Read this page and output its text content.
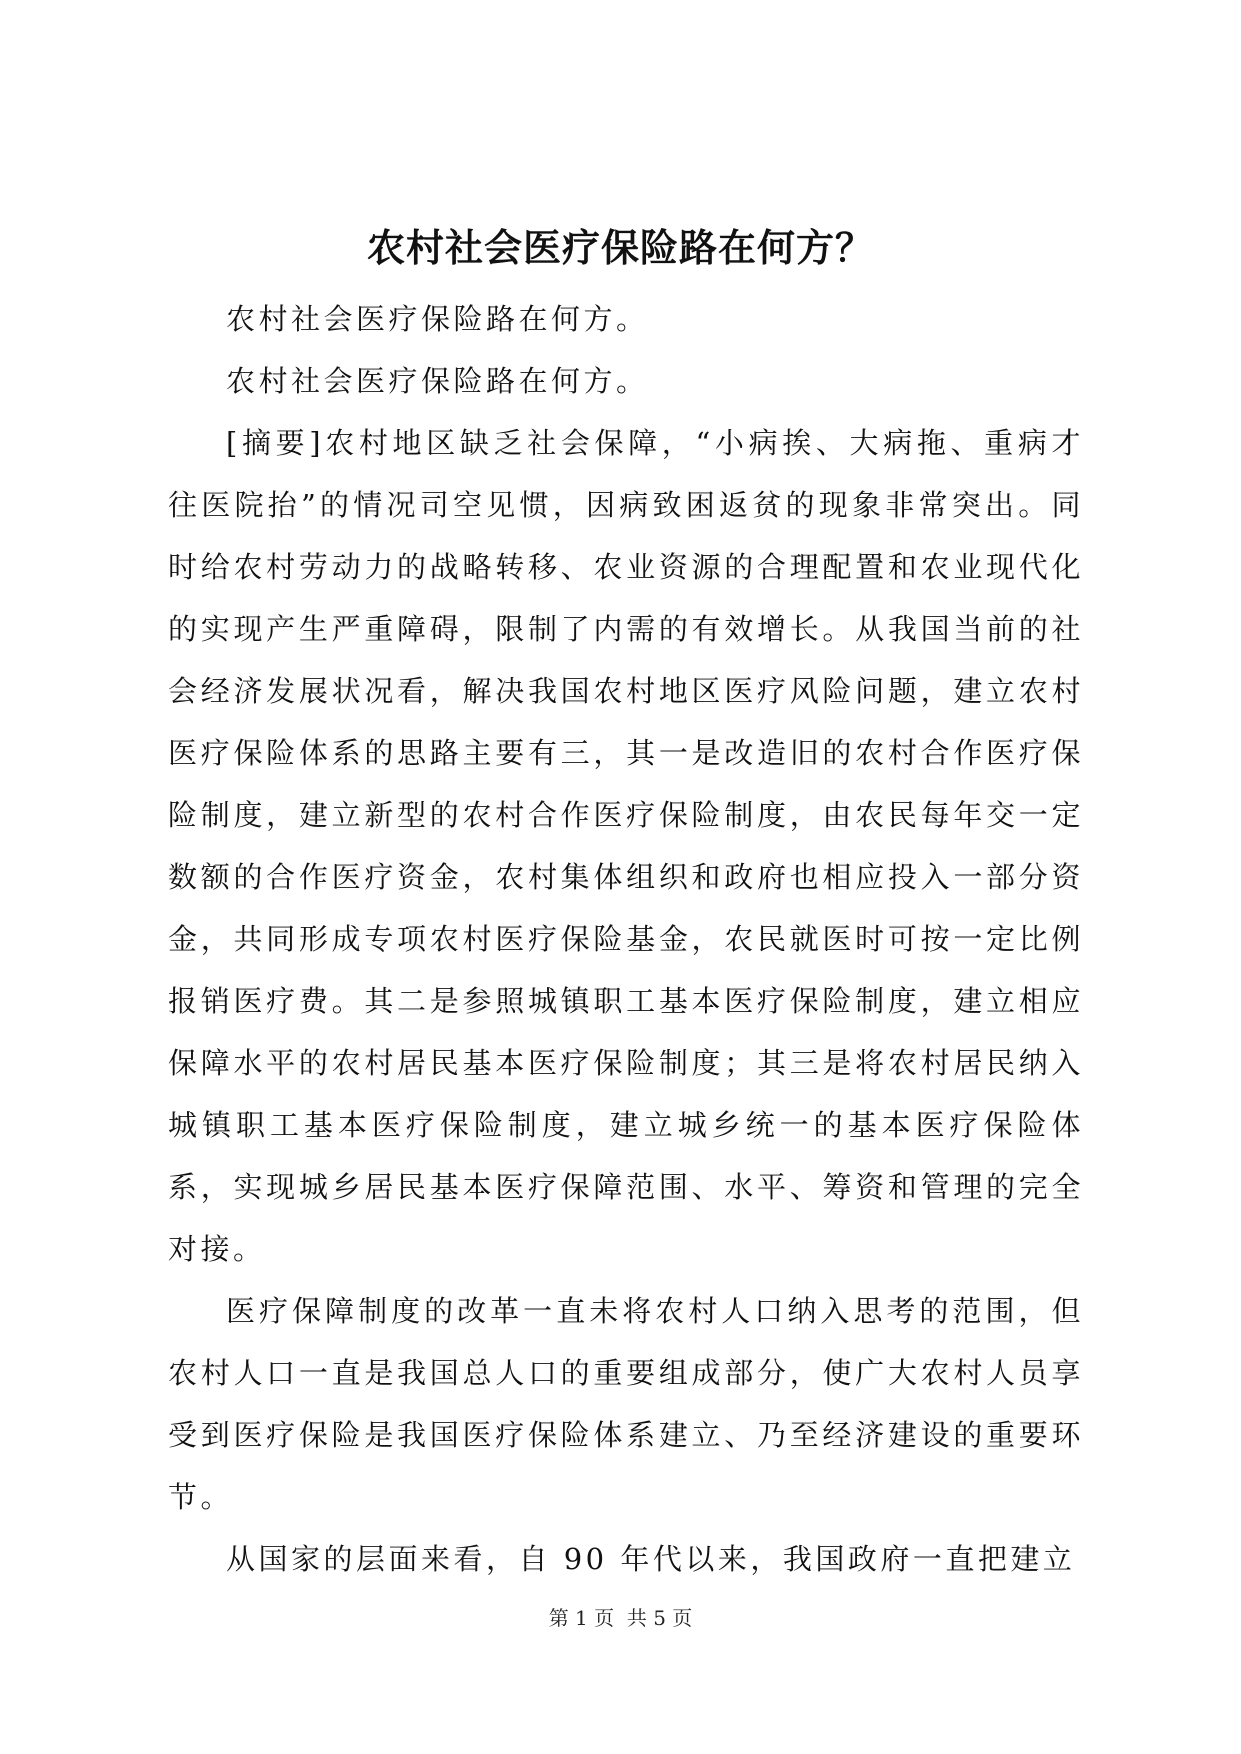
农村社会医疗保险路在何方？

农村社会医疗保险路在何方。

农村社会医疗保险路在何方。

[摘要]农村地区缺乏社会保障，“小病挨、大病拖、重病才往医院抬”的情况司空见惯，因病致困返贫的现象非常突出。同时给农村劳动力的战略转移、农业资源的合理配置和农业现代化的实现产生严重障碍，限制了内需的有效增长。从我国当前的社会经济发展状况看，解决我国农村地区医疗风险问题，建立农村医疗保险体系的思路主要有三，其一是改造旧的农村合作医疗保险制度，建立新型的农村合作医疗保险制度，由农民每年交一定数额的合作医疗资金，农村集体组织和政府也相应投入一部分资金，共同形成专项农村医疗保险基金，农民就医时可按一定比例报销医疗费。其二是参照城镇职工基本医疗保险制度，建立相应保障水平的农村居民基本医疗保险制度；其三是将农村居民纳入城镇职工基本医疗保险制度，建立城乡统一的基本医疗保险体系，实现城乡居民基本医疗保障范围、水平、筹资和管理的完全对接。

医疗保障制度的改革一直未将农村人口纳入思考的范围，但农村人口一直是我国总人口的重要组成部分，使广大农村人员享受到医疗保险是我国医疗保险体系建立、乃至经济建设的重要环节。

从国家的层面来看，自 90 年代以来，我国政府一直把建立

第 1 页  共 5 页
